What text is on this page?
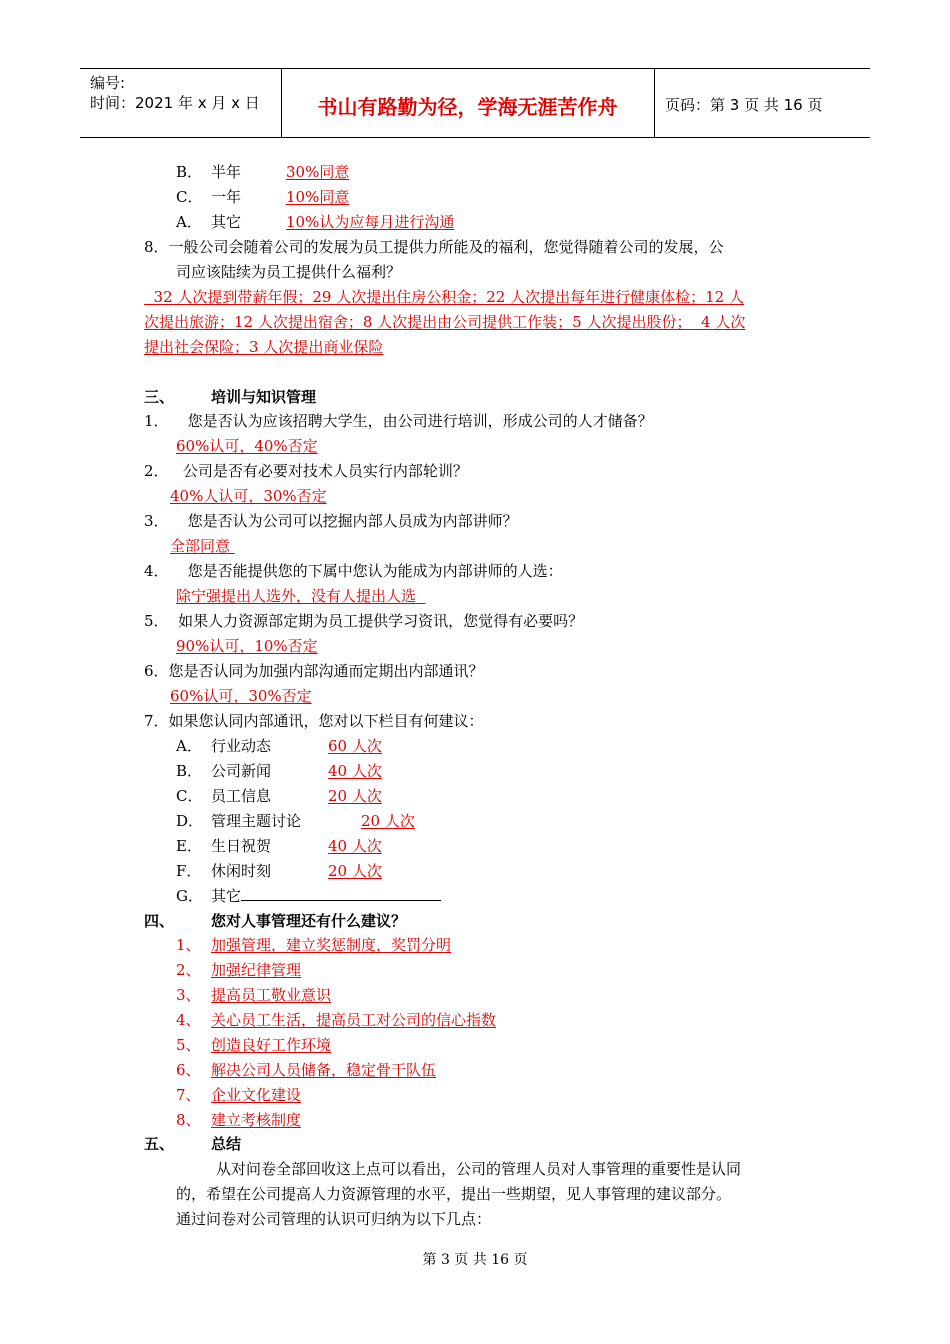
编号:
时间：2021 年 x 月 x 日	书山有路勤为径，学海无涯苦作舟	页码：第 3 页 共 16 页
B． 半年	30%同意
C． 一年	10%同意
A． 其它	10%认为应每月进行沟通
8．一般公司会随着公司的发展为员工提供力所能及的福利，您觉得随着公司的发展，公
司应该陆续为员工提供什么福利？
32 人次提到带薪年假；29 人次提出住房公积金；22 人次提出每年进行健康体检；12 人
次提出旅游；12 人次提出宿舍；8 人次提出由公司提供工作装；5 人次提出股份；  4 人次
提出社会保险；3 人次提出商业保险
三、 培训与知识管理
1．    您是否认为应该招聘大学生，由公司进行培训，形成公司的人才储备？
60%认可，40%否定
2．   公司是否有必要对技术人员实行内部轮训？
40%人认可，30%否定
3．    您是否认为公司可以挖掘内部人员成为内部讲师？
全部同意
4．    您是否能提供您的下属中您认为能成为内部讲师的人选：
除宁强提出人选外，没有人提出人选
5．  如果人力资源部定期为员工提供学习资讯，您觉得有必要吗？
90%认可，10%否定
6．您是否认同为加强内部沟通而定期出内部通讯？
60%认可，30%否定
7．如果您认同内部通讯，您对以下栏目有何建议：
A． 行业动态	60 人次
B． 公司新闻	40 人次
C． 员工信息	20 人次
D． 管理主题讨论	20 人次
E． 生日祝贺	40 人次
F． 休闲时刻	20 人次
G． 其它
四、 您对人事管理还有什么建议？
1、 加强管理，建立奖惩制度，奖罚分明
2、 加强纪律管理
3、 提高员工敬业意识
4、 关心员工生活，提高员工对公司的信心指数
5、 创造良好工作环境
6、 解决公司人员储备，稳定骨干队伍
7、 企业文化建设
8、 建立考核制度
五、 总结
从对问卷全部回收这上点可以看出，公司的管理人员对人事管理的重要性是认同
的，希望在公司提高人力资源管理的水平，提出一些期望，见人事管理的建议部分。
通过问卷对公司管理的认识可归纳为以下几点：
第 3 页 共 16 页
